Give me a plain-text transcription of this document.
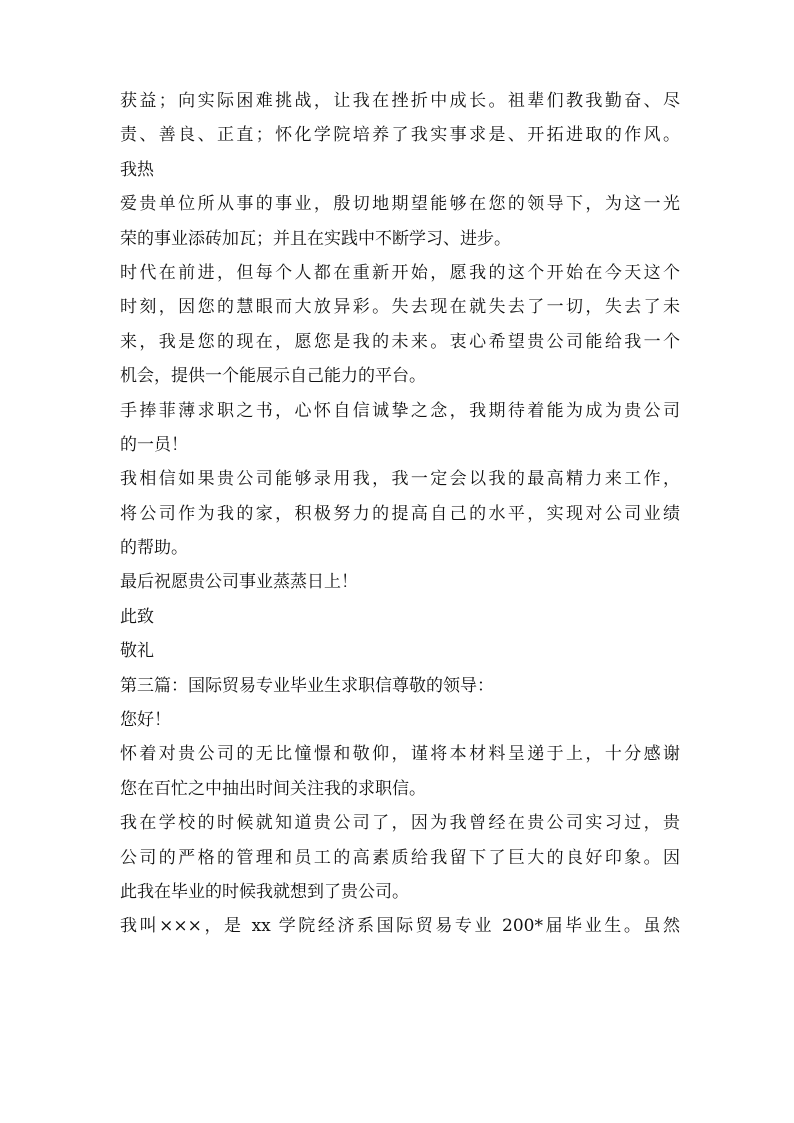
获益；向实际困难挑战，让我在挫折中成长。祖辈们教我勤奋、尽
责、善良、正直；怀化学院培养了我实事求是、开拓进取的作风。
我热
爱贵单位所从事的事业，殷切地期望能够在您的领导下，为这一光
荣的事业添砖加瓦；并且在实践中不断学习、进步。
时代在前进，但每个人都在重新开始，愿我的这个开始在今天这个
时刻，因您的慧眼而大放异彩。失去现在就失去了一切，失去了未
来，我是您的现在，愿您是我的未来。衷心希望贵公司能给我一个
机会，提供一个能展示自己能力的平台。
手捧菲薄求职之书，心怀自信诚挚之念，我期待着能为成为贵公司
的一员！
我相信如果贵公司能够录用我，我一定会以我的最高精力来工作，
将公司作为我的家，积极努力的提高自己的水平，实现对公司业绩
的帮助。
最后祝愿贵公司事业蒸蒸日上！
此致
敬礼
第三篇：国际贸易专业毕业生求职信尊敬的领导：
您好！
怀着对贵公司的无比憧憬和敬仰，谨将本材料呈递于上，十分感谢
您在百忙之中抽出时间关注我的求职信。
我在学校的时候就知道贵公司了，因为我曾经在贵公司实习过，贵
公司的严格的管理和员工的高素质给我留下了巨大的良好印象。因
此我在毕业的时候我就想到了贵公司。
我叫×××，是 xx 学院经济系国际贸易专业 200*届毕业生。虽然
